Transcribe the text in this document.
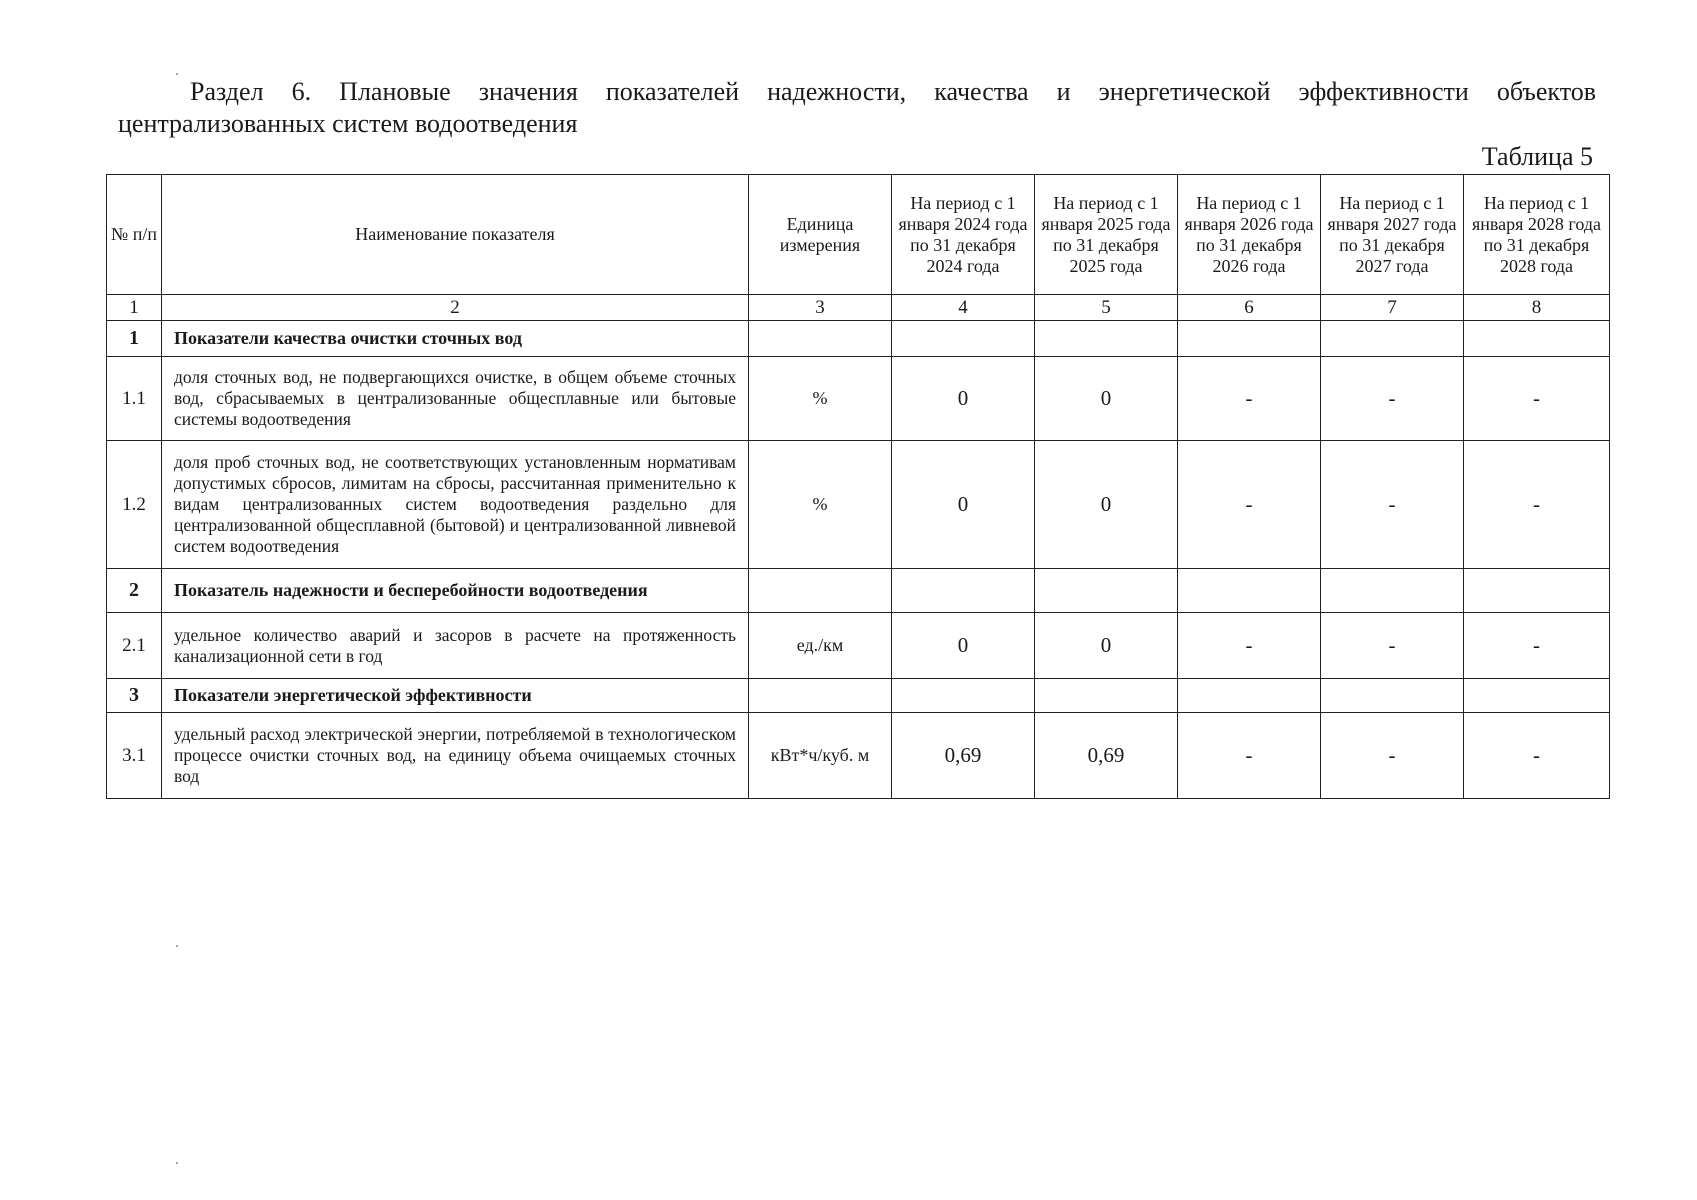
Раздел 6. Плановые значения показателей надежности, качества и энергетической эффективности объектов
централизованных систем водоотведения
Таблица 5
№ п/п	Наименование показателя	Единица измерения	На период с 1 января 2024 года по 31 декабря 2024 года	На период с 1 января 2025 года по 31 декабря 2025 года	На период с 1 января 2026 года по 31 декабря 2026 года	На период с 1 января 2027 года по 31 декабря 2027 года	На период с 1 января 2028 года по 31 декабря 2028 года
1	2	3	4	5	6	7	8
1	Показатели качества очистки сточных вод						
1.1	доля сточных вод, не подвергающихся очистке, в общем объеме сточных вод, сбрасываемых в централизованные общесплавные или бытовые системы водоотведения	%	0	0	-	-	-
1.2	доля проб сточных вод, не соответствующих установленным нормативам допустимых сбросов, лимитам на сбросы, рассчитанная применительно к видам централизованных систем водоотведения раздельно для централизованной общесплавной (бытовой) и централизованной ливневой систем водоотведения	%	0	0	-	-	-
2	Показатель надежности и бесперебойности водоотведения						
2.1	удельное количество аварий и засоров в расчете на протяженность канализационной сети в год	ед./км	0	0	-	-	-
3	Показатели энергетической эффективности						
3.1	удельный расход электрической энергии, потребляемой в технологическом процессе очистки сточных вод, на единицу объема очищаемых сточных вод	кВт*ч/куб. м	0,69	0,69	-	-	-
